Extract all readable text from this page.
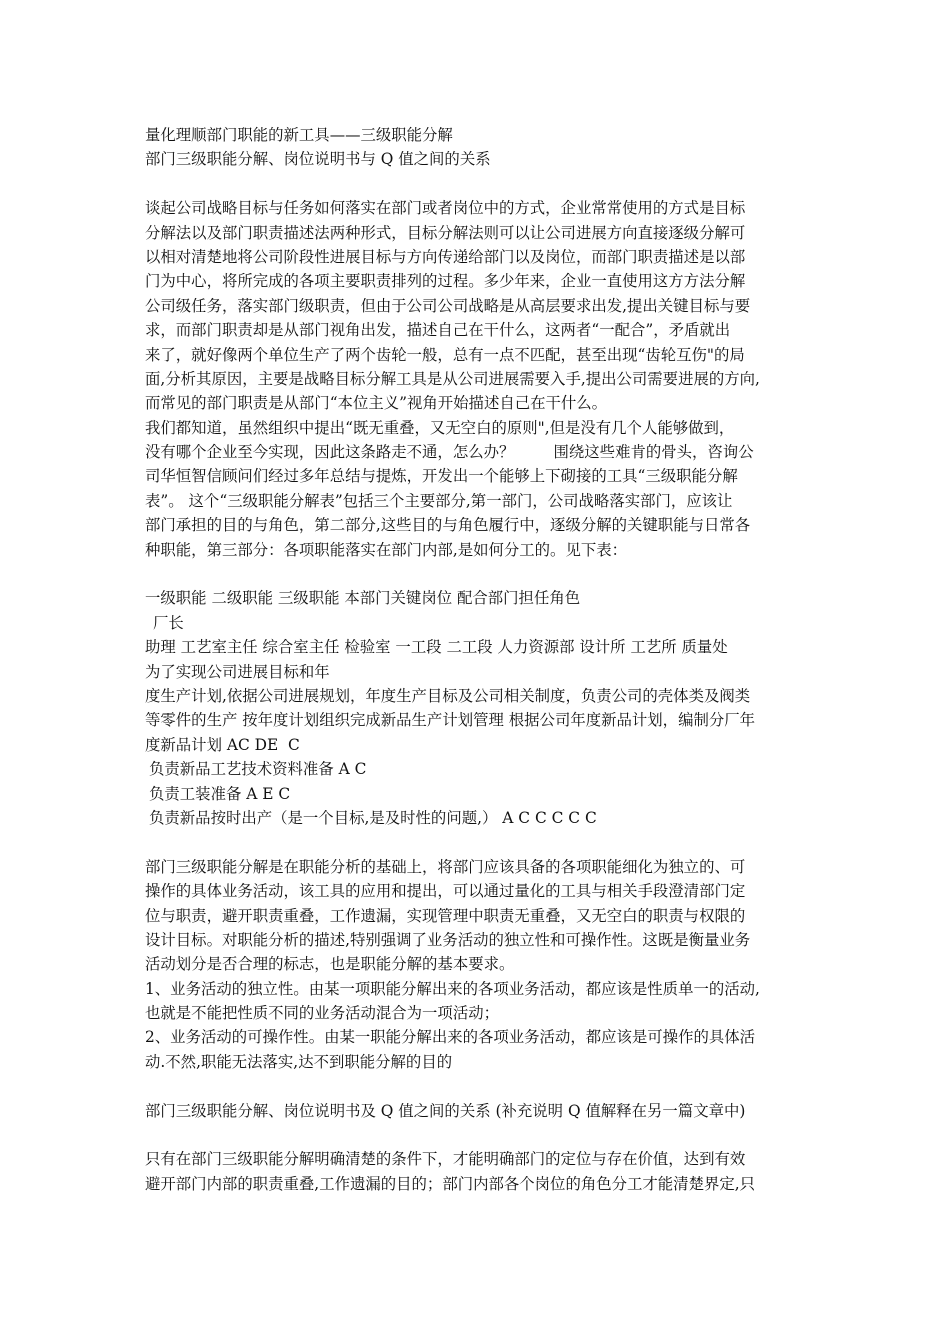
量化理顺部门职能的新工具——三级职能分解
部门三级职能分解、岗位说明书与 Q 值之间的关系
谈起公司战略目标与任务如何落实在部门或者岗位中的方式，企业常常使用的方式是目标
分解法以及部门职责描述法两种形式，目标分解法则可以让公司进展方向直接逐级分解可
以相对清楚地将公司阶段性进展目标与方向传递给部门以及岗位，而部门职责描述是以部
门为中心，将所完成的各项主要职责排列的过程。多少年来，企业一直使用这方方法分解
公司级任务，落实部门级职责，但由于公司公司战略是从高层要求出发,提出关键目标与要
求，而部门职责却是从部门视角出发，描述自己在干什么，这两者“一配合”，矛盾就出
来了，就好像两个单位生产了两个齿轮一般，总有一点不匹配，甚至出现“齿轮互伤"的局
面,分析其原因，主要是战略目标分解工具是从公司进展需要入手,提出公司需要进展的方向,
而常见的部门职责是从部门“本位主义”视角开始描述自己在干什么。
我们都知道，虽然组织中提出“既无重叠，又无空白的原则",但是没有几个人能够做到，
没有哪个企业至今实现，因此这条路走不通，怎么办？        围绕这些难肯的骨头，咨询公
司华恒智信顾问们经过多年总结与提炼，开发出一个能够上下砌接的工具“三级职能分解
表”。 这个“三级职能分解表”包括三个主要部分,第一部门，公司战略落实部门，应该让
部门承担的目的与角色，第二部分,这些目的与角色履行中，逐级分解的关键职能与日常各
种职能，第三部分：各项职能落实在部门内部,是如何分工的。见下表：
一级职能 二级职能 三级职能 本部门关键岗位 配合部门担任角色
厂长
助理 工艺室主任 综合室主任 检验室 一工段 二工段 人力资源部 设计所 工艺所 质量处
为了实现公司进展目标和年
度生产计划,依据公司进展规划，年度生产目标及公司相关制度，负责公司的壳体类及阀类
等零件的生产 按年度计划组织完成新品生产计划管理 根据公司年度新品计划，编制分厂年
度新品计划 AC DE  C
负责新品工艺技术资料准备 A C
负责工装准备 A E C
负责新品按时出产（是一个目标,是及时性的问题,） A C C C C C
部门三级职能分解是在职能分析的基础上，将部门应该具备的各项职能细化为独立的、可
操作的具体业务活动，该工具的应用和提出，可以通过量化的工具与相关手段澄清部门定
位与职责，避开职责重叠，工作遗漏，实现管理中职责无重叠，又无空白的职责与权限的
设计目标。对职能分析的描述,特别强调了业务活动的独立性和可操作性。这既是衡量业务
活动划分是否合理的标志，也是职能分解的基本要求。
1、业务活动的独立性。由某一项职能分解出来的各项业务活动，都应该是性质单一的活动,
也就是不能把性质不同的业务活动混合为一项活动；
2、业务活动的可操作性。由某一职能分解出来的各项业务活动，都应该是可操作的具体活
动.不然,职能无法落实,达不到职能分解的目的
部门三级职能分解、岗位说明书及 Q 值之间的关系 (补充说明 Q 值解释在另一篇文章中)
只有在部门三级职能分解明确清楚的条件下，才能明确部门的定位与存在价值，达到有效
避开部门内部的职责重叠,工作遗漏的目的；部门内部各个岗位的角色分工才能清楚界定,只
